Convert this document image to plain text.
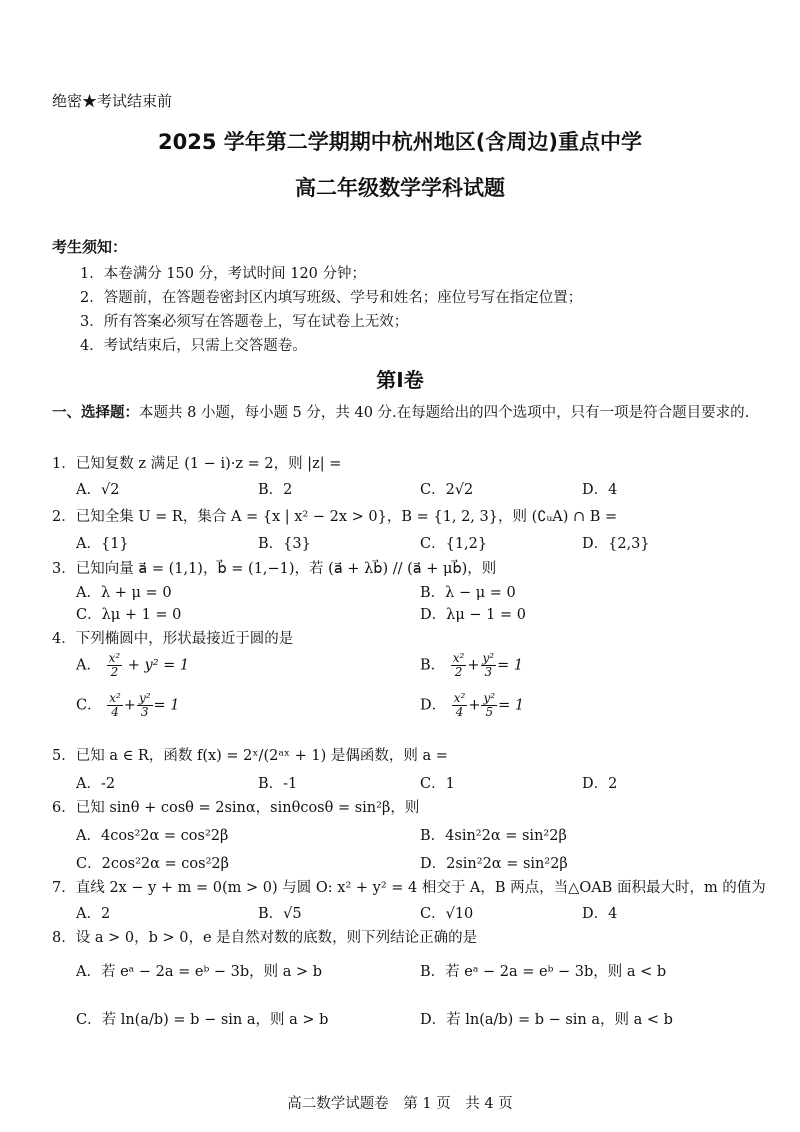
绝密★考试结束前
2025 学年第二学期期中杭州地区(含周边)重点中学
高二年级数学学科试题
考生须知：
1．本卷满分 150 分，考试时间 120 分钟；
2．答题前，在答题卷密封区内填写班级、学号和姓名；座位号写在指定位置；
3．所有答案必须写在答题卷上，写在试卷上无效；
4．考试结束后，只需上交答题卷。
第Ⅰ卷
一、选择题：本题共 8 小题，每小题 5 分，共 40 分.在每题给出的四个选项中，只有一项是符合题目要求的.
1．已知复数 z 满足 (1 − i)·z = 2，则 |z| =
A．√2	B．2	C．2√2	D．4
2．已知全集 U = R，集合 A = {x | x² − 2x > 0}，B = {1, 2, 3}，则 (∁ᵤA) ∩ B =
A．{1}	B．{3}	C．{1,2}	D．{2,3}
3．已知向量 a⃗ = (1,1)，b⃗ = (1,−1)，若 (a⃗ + λb⃗) // (a⃗ + μb⃗)，则
A．λ + μ = 0	B．λ − μ = 0
C．λμ + 1 = 0	D．λμ − 1 = 0
4．下列椭圆中，形状最接近于圆的是
A． $\frac{\text{x²}}{2} + y^2 = 1$	B． $\frac{\text{x²}}{2} + \frac{\text{y²}}{3} = 1$
C． $\frac{\text{x²}}{4} + \frac{\text{y²}}{3} = 1$	D． $\frac{\text{x²}}{4} + \frac{\text{y²}}{5} = 1$
5．已知 a ∈ R，函数 f(x) = 2ˣ/(2ᵃˣ + 1) 是偶函数，则 a =
A．-2	B．-1	C．1	D．2
6．已知 sinθ + cosθ = 2sinα，sinθcosθ = sin²β，则
A．4cos²2α = cos²2β	B．4sin²2α = sin²2β
C．2cos²2α = cos²2β	D．2sin²2α = sin²2β
7．直线 2x − y + m = 0(m > 0) 与圆 O: x² + y² = 4 相交于 A，B 两点，当△OAB 面积最大时，m 的值为
A．2	B．√5	C．√10	D．4
8．设 a > 0，b > 0，e 是自然对数的底数，则下列结论正确的是
A．若 eᵃ − 2a = eᵇ − 3b，则 a > b	B．若 eᵃ − 2a = eᵇ − 3b，则 a < b
C．若 ln(a/b) = b − sin a，则 a > b	D．若 ln(a/b) = b − sin a，则 a < b
高二数学试题卷　第 1 页　共 4 页
